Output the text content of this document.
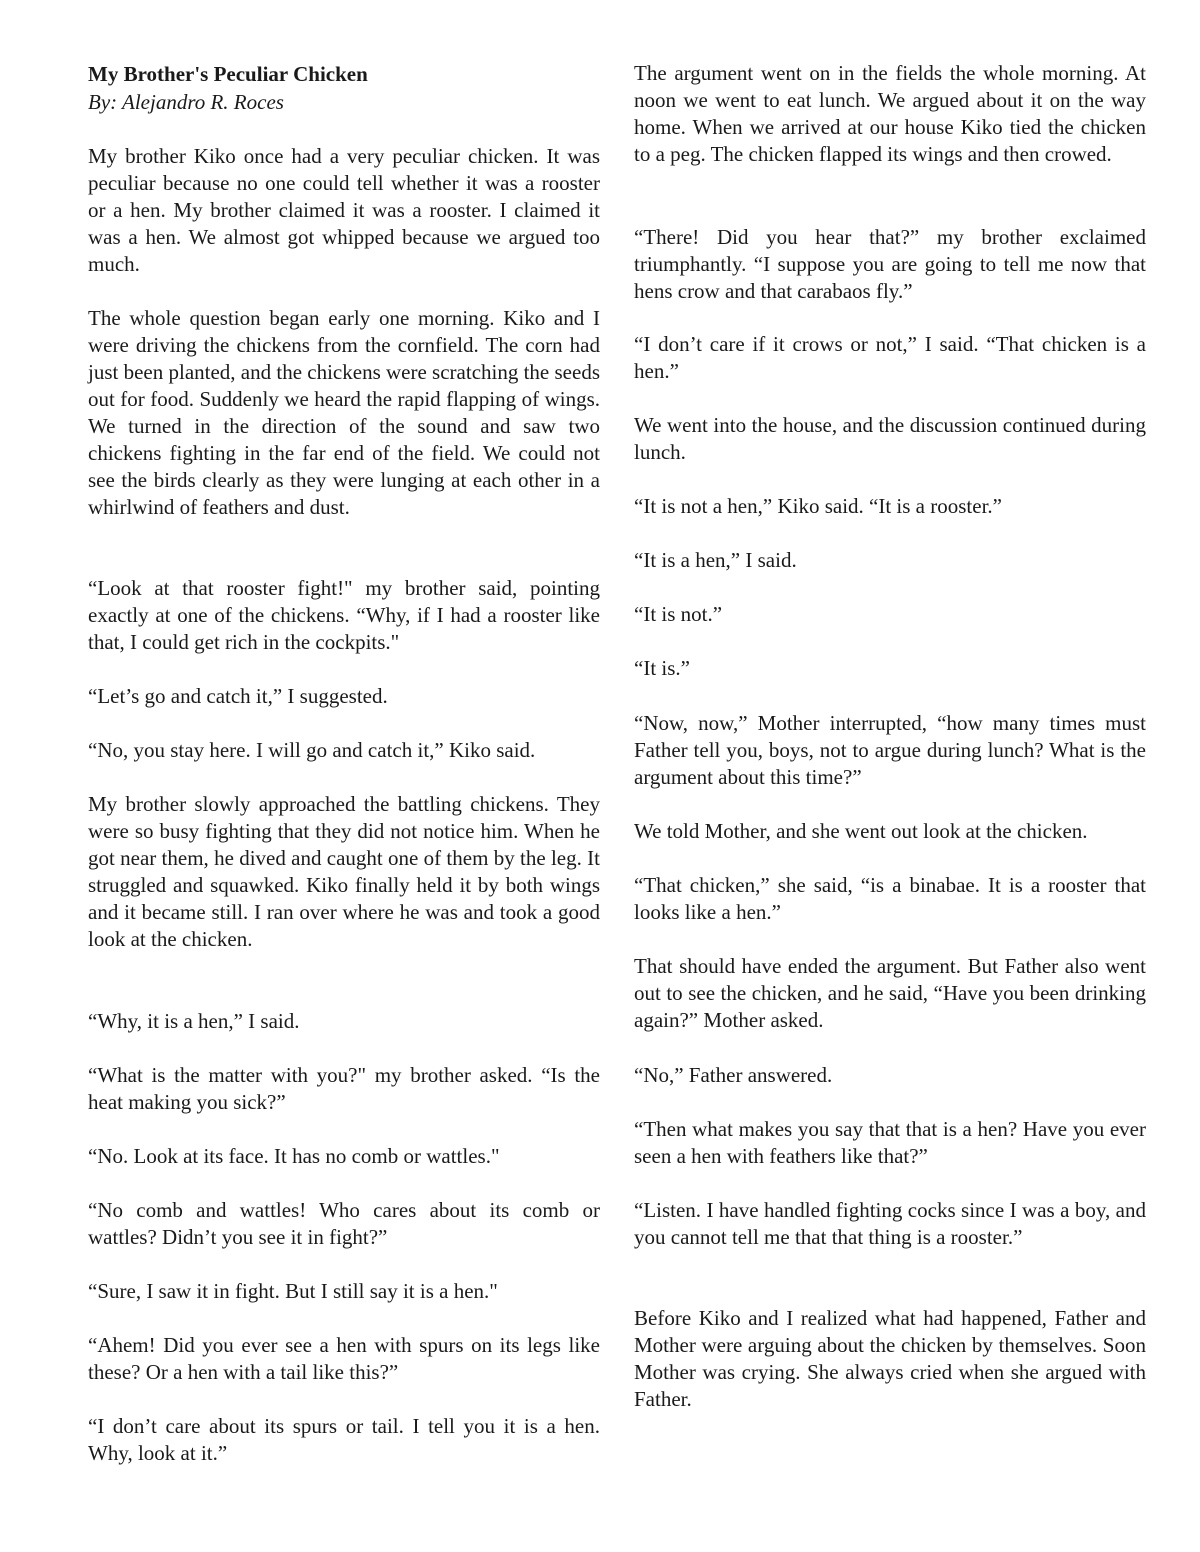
My Brother's Peculiar Chicken

By: Alejandro R. Roces

My brother Kiko once had a very peculiar chicken. It was peculiar because no one could tell whether it was a rooster or a hen. My brother claimed it was a rooster. I claimed it was a hen. We almost got whipped because we argued too much.

The whole question began early one morning. Kiko and I were driving the chickens from the cornfield. The corn had just been planted, and the chickens were scratching the seeds out for food. Suddenly we heard the rapid flapping of wings. We turned in the direction of the sound and saw two chickens fighting in the far end of the field. We could not see the birds clearly as they were lunging at each other in a whirlwind of feathers and dust.

“Look at that rooster fight!" my brother said, pointing exactly at one of the chickens. “Why, if I had a rooster like that, I could get rich in the cockpits."

“Let’s go and catch it,” I suggested.

“No, you stay here. I will go and catch it,” Kiko said.

My brother slowly approached the battling chickens. They were so busy fighting that they did not notice him. When he got near them, he dived and caught one of them by the leg. It struggled and squawked. Kiko finally held it by both wings and it became still. I ran over where he was and took a good look at the chicken.

“Why, it is a hen,” I said.

“What is the matter with you?" my brother asked. “Is the heat making you sick?”

“No. Look at its face. It has no comb or wattles."

“No comb and wattles! Who cares about its comb or wattles? Didn’t you see it in fight?”

“Sure, I saw it in fight. But I still say it is a hen."

“Ahem! Did you ever see a hen with spurs on its legs like these? Or a hen with a tail like this?”

“I don’t care about its spurs or tail. I tell you it is a hen. Why, look at it.”

The argument went on in the fields the whole morning. At noon we went to eat lunch. We argued about it on the way home. When we arrived at our house Kiko tied the chicken to a peg. The chicken flapped its wings and then crowed.

“There! Did you hear that?” my brother exclaimed triumphantly. “I suppose you are going to tell me now that hens crow and that carabaos fly.”

“I don’t care if it crows or not,” I said. “That chicken is a hen.”

We went into the house, and the discussion continued during lunch.

“It is not a hen,” Kiko said. “It is a rooster.”

“It is a hen,” I said.

“It is not.”

“It is.”

“Now, now,” Mother interrupted, “how many times must Father tell you, boys, not to argue during lunch? What is the argument about this time?”

We told Mother, and she went out look at the chicken.

“That chicken,” she said, “is a binabae. It is a rooster that looks like a hen.”

That should have ended the argument. But Father also went out to see the chicken, and he said, “Have you been drinking again?” Mother asked.

“No,” Father answered.

“Then what makes you say that that is a hen? Have you ever seen a hen with feathers like that?”

“Listen. I have handled fighting cocks since I was a boy, and you cannot tell me that that thing is a rooster.”

Before Kiko and I realized what had happened, Father and Mother were arguing about the chicken by themselves. Soon Mother was crying. She always cried when she argued with Father.
